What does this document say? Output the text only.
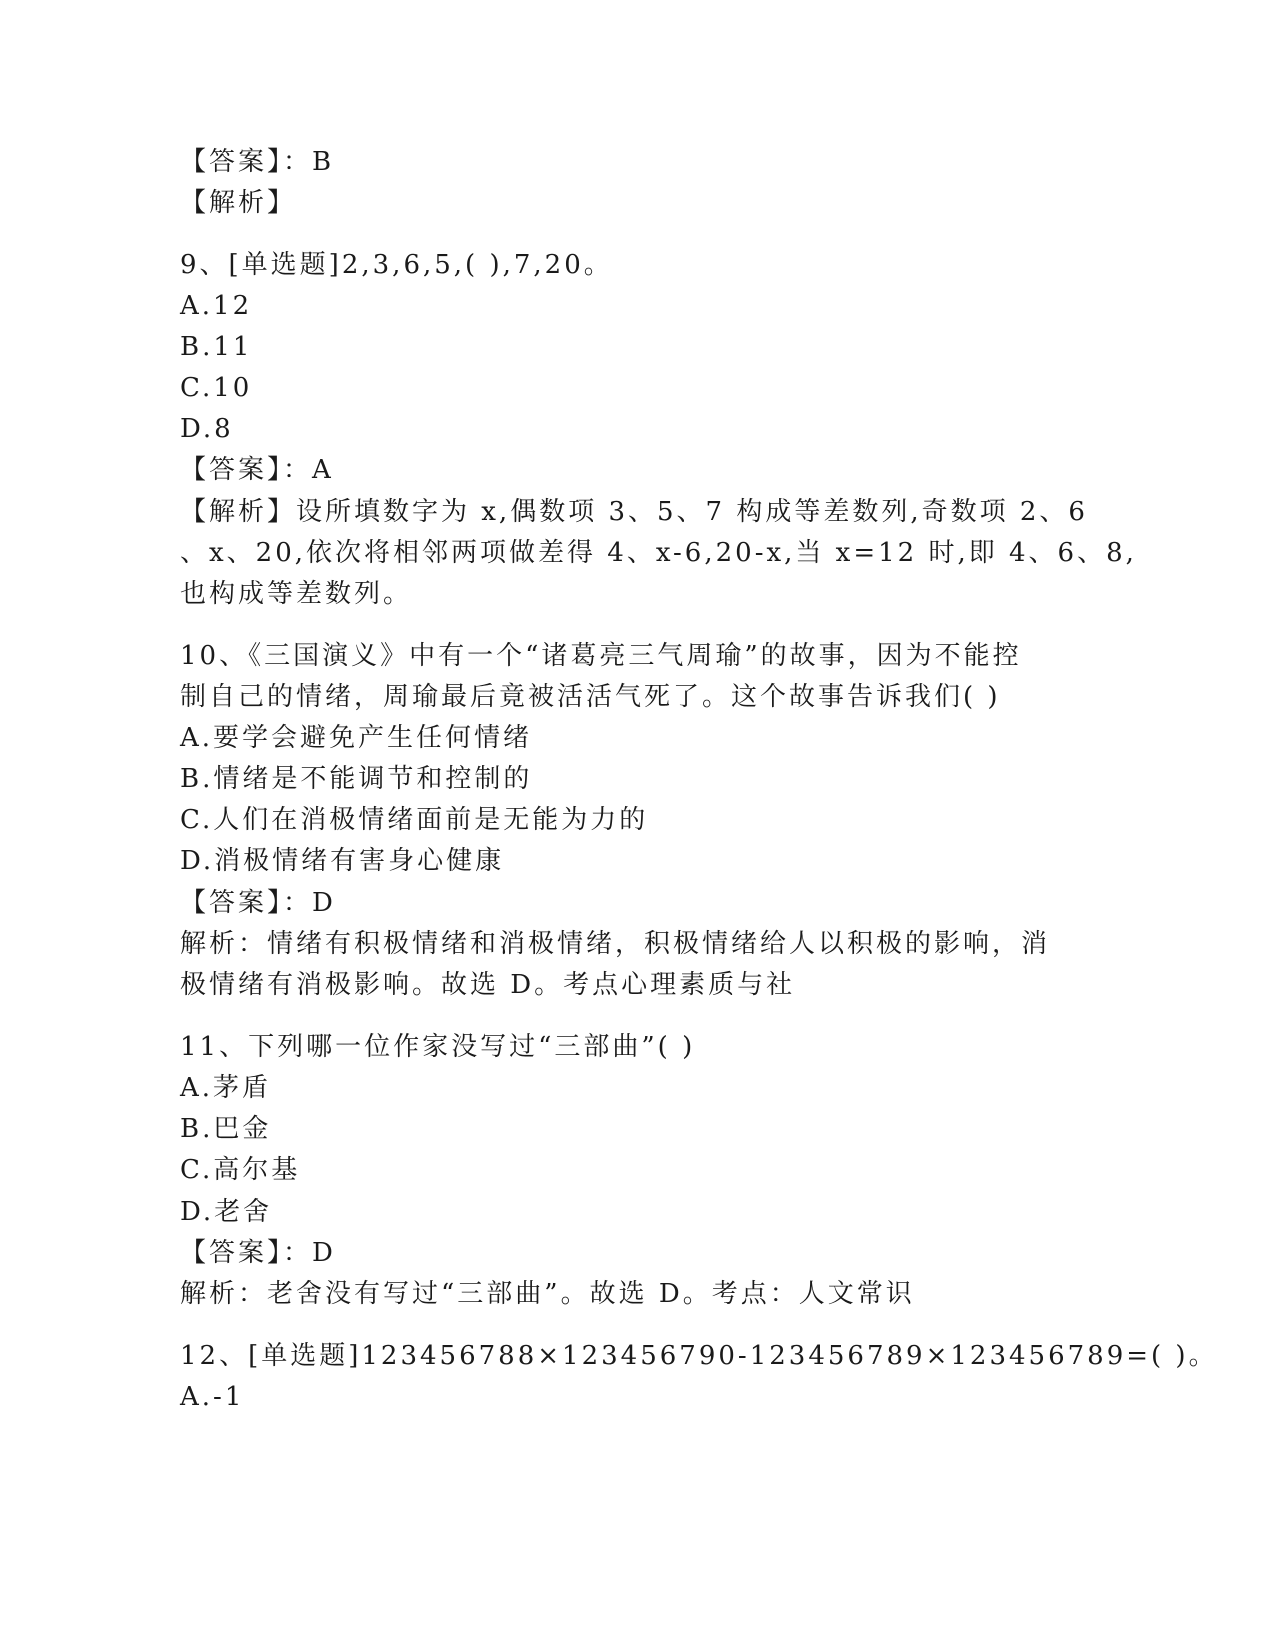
【答案】：B
【解析】
9、[单选题]2,3,6,5,( ),7,20。
A.12
B.11
C.10
D.8
【答案】：A
【解析】设所填数字为 x,偶数项 3、5、7 构成等差数列,奇数项 2、6
、x、20,依次将相邻两项做差得 4、x-6,20-x,当 x=12 时,即 4、6、8,
也构成等差数列。
10、《三国演义》中有一个“诸葛亮三气周瑜”的故事，因为不能控
制自己的情绪，周瑜最后竟被活活气死了。这个故事告诉我们( )
A.要学会避免产生任何情绪
B.情绪是不能调节和控制的
C.人们在消极情绪面前是无能为力的
D.消极情绪有害身心健康
【答案】：D
解析：情绪有积极情绪和消极情绪，积极情绪给人以积极的影响，消
极情绪有消极影响。故选 D。考点心理素质与社
11、下列哪一位作家没写过“三部曲”( )
A.茅盾
B.巴金
C.高尔基
D.老舍
【答案】：D
解析：老舍没有写过“三部曲”。故选 D。考点：人文常识
12、[单选题]123456788×123456790-123456789×123456789=( )。
A.-1
